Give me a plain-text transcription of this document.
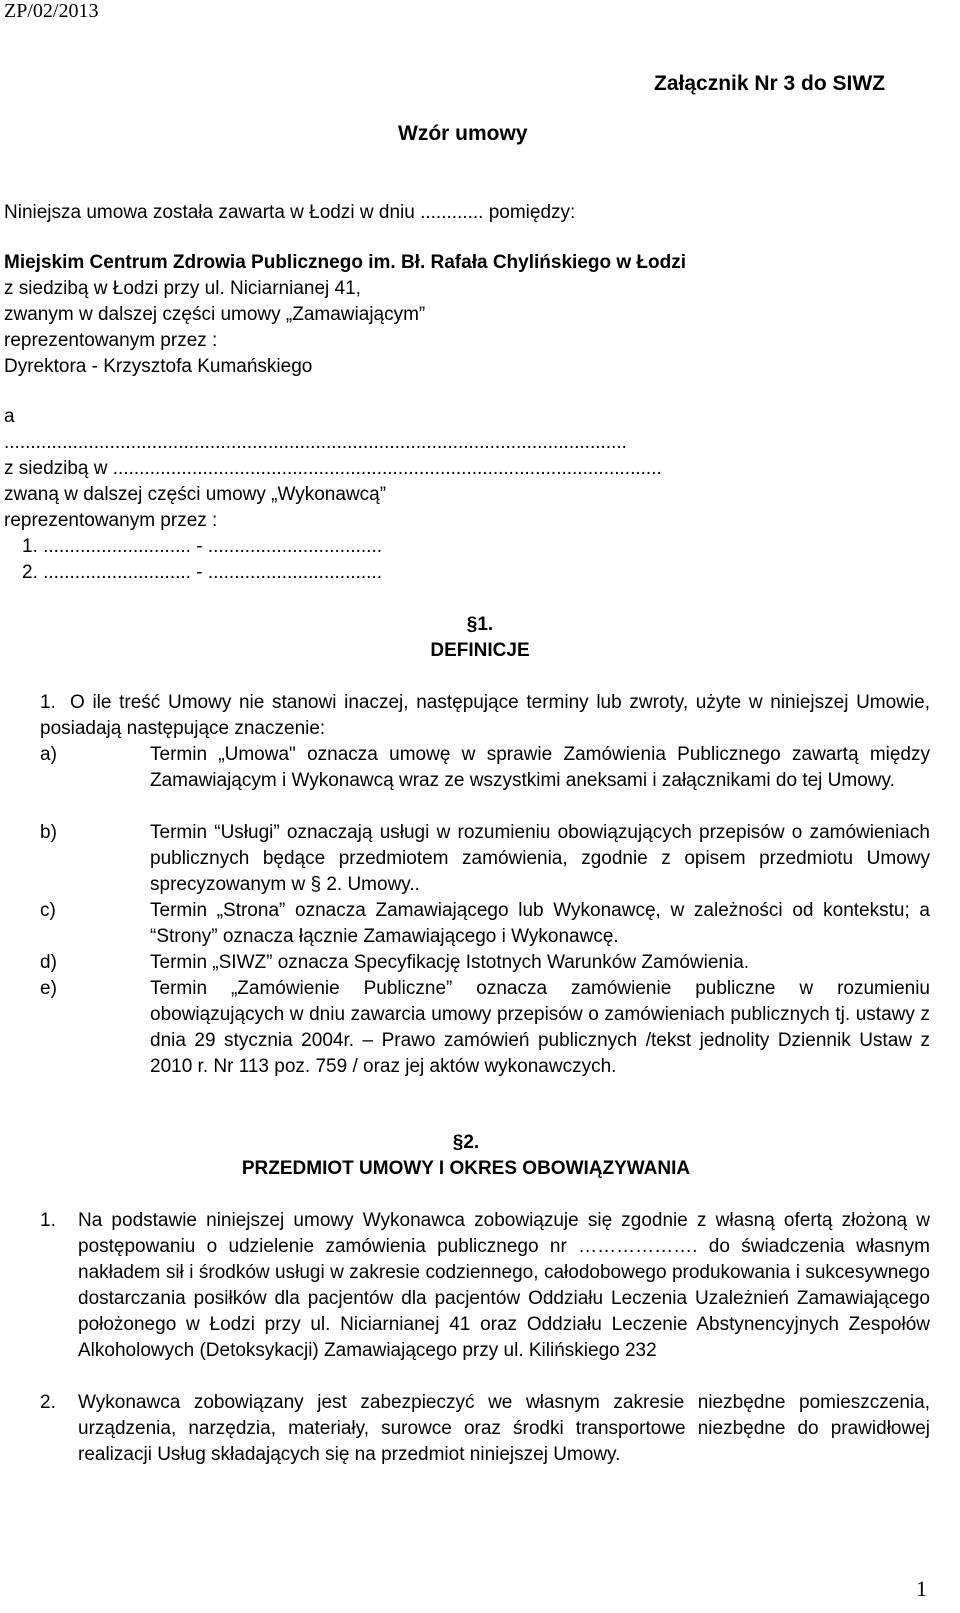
ZP/02/2013
Załącznik Nr 3 do SIWZ
Wzór umowy
Niniejsza umowa została zawarta w Łodzi w dniu ............ pomiędzy:
Miejskim Centrum Zdrowia Publicznego im. Bł. Rafała Chylińskiego w Łodzi
z siedzibą w Łodzi przy ul. Niciarnianej 41,
zwanym w dalszej części umowy „Zamawiającym”
reprezentowanym przez :
Dyrektora - Krzysztofa Kumańskiego
a
......................................................................................................................
z siedzibą w ........................................................................................................
zwaną w dalszej części umowy „Wykonawcą”
reprezentowanym przez :
1. ............................ - .................................
2. ............................ - .................................
§1.
DEFINICJE
1. O ile treść Umowy nie stanowi inaczej, następujące terminy lub zwroty, użyte w niniejszej Umowie, posiadają następujące znaczenie:
a)	Termin „Umowa" oznacza umowę w sprawie Zamówienia Publicznego zawartą między Zamawiającym i Wykonawcą wraz ze wszystkimi aneksami i załącznikami do tej Umowy.
b)	Termin “Usługi” oznaczają usługi w rozumieniu obowiązujących przepisów o zamówieniach publicznych będące przedmiotem zamówienia, zgodnie z opisem przedmiotu Umowy sprecyzowanym w § 2. Umowy..
c)	Termin „Strona” oznacza Zamawiającego lub Wykonawcę, w zależności od kontekstu; a “Strony” oznacza łącznie Zamawiającego i Wykonawcę.
d)	Termin „SIWZ” oznacza Specyfikację Istotnych Warunków Zamówienia.
e)	Termin „Zamówienie Publiczne” oznacza zamówienie publiczne w rozumieniu obowiązujących w dniu zawarcia umowy przepisów o zamówieniach publicznych tj. ustawy z dnia 29 stycznia 2004r. – Prawo zamówień publicznych /tekst jednolity Dziennik Ustaw z 2010 r. Nr 113 poz. 759 / oraz jej aktów wykonawczych.
§2.
PRZEDMIOT UMOWY I OKRES OBOWIĄZYWANIA
1. Na podstawie niniejszej umowy Wykonawca zobowiązuje się zgodnie z własną ofertą złożoną w postępowaniu o udzielenie zamówienia publicznego nr ………………. do świadczenia własnym nakładem sił i środków usługi w zakresie codziennego, całodobowego produkowania i sukcesywnego dostarczania posiłków dla pacjentów dla pacjentów Oddziału Leczenia Uzależnień Zamawiającego położonego w Łodzi przy ul. Niciarnianej 41 oraz Oddziału Leczenie Abstynencyjnych Zespołów Alkoholowych (Detoksykacji) Zamawiającego przy ul. Kilińskiego 232
2. Wykonawca zobowiązany jest zabezpieczyć we własnym zakresie niezbędne pomieszczenia, urządzenia, narzędzia, materiały, surowce oraz środki transportowe niezbędne do prawidłowej realizacji Usług składających się na przedmiot niniejszej Umowy.
1
